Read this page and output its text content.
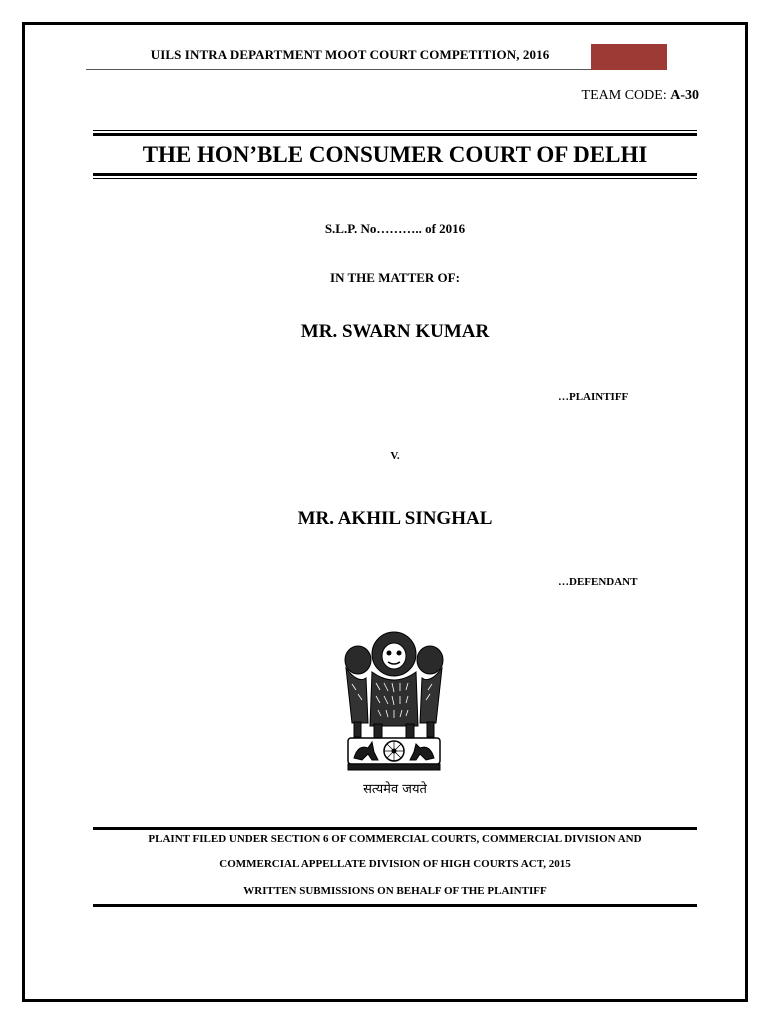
UILS INTRA DEPARTMENT MOOT COURT COMPETITION, 2016
TEAM CODE: A-30
THE HON’BLE CONSUMER COURT OF DELHI
S.L.P. No……….. of 2016
IN THE MATTER OF:
MR. SWARN KUMAR
…PLAINTIFF
V.
MR. AKHIL SINGHAL
…DEFENDANT
सत्यमेव जयते
PLAINT FILED UNDER SECTION 6 OF COMMERCIAL COURTS, COMMERCIAL DIVISION AND
COMMERCIAL APPELLATE DIVISION OF HIGH COURTS ACT, 2015
WRITTEN SUBMISSIONS ON BEHALF OF THE PLAINTIFF
